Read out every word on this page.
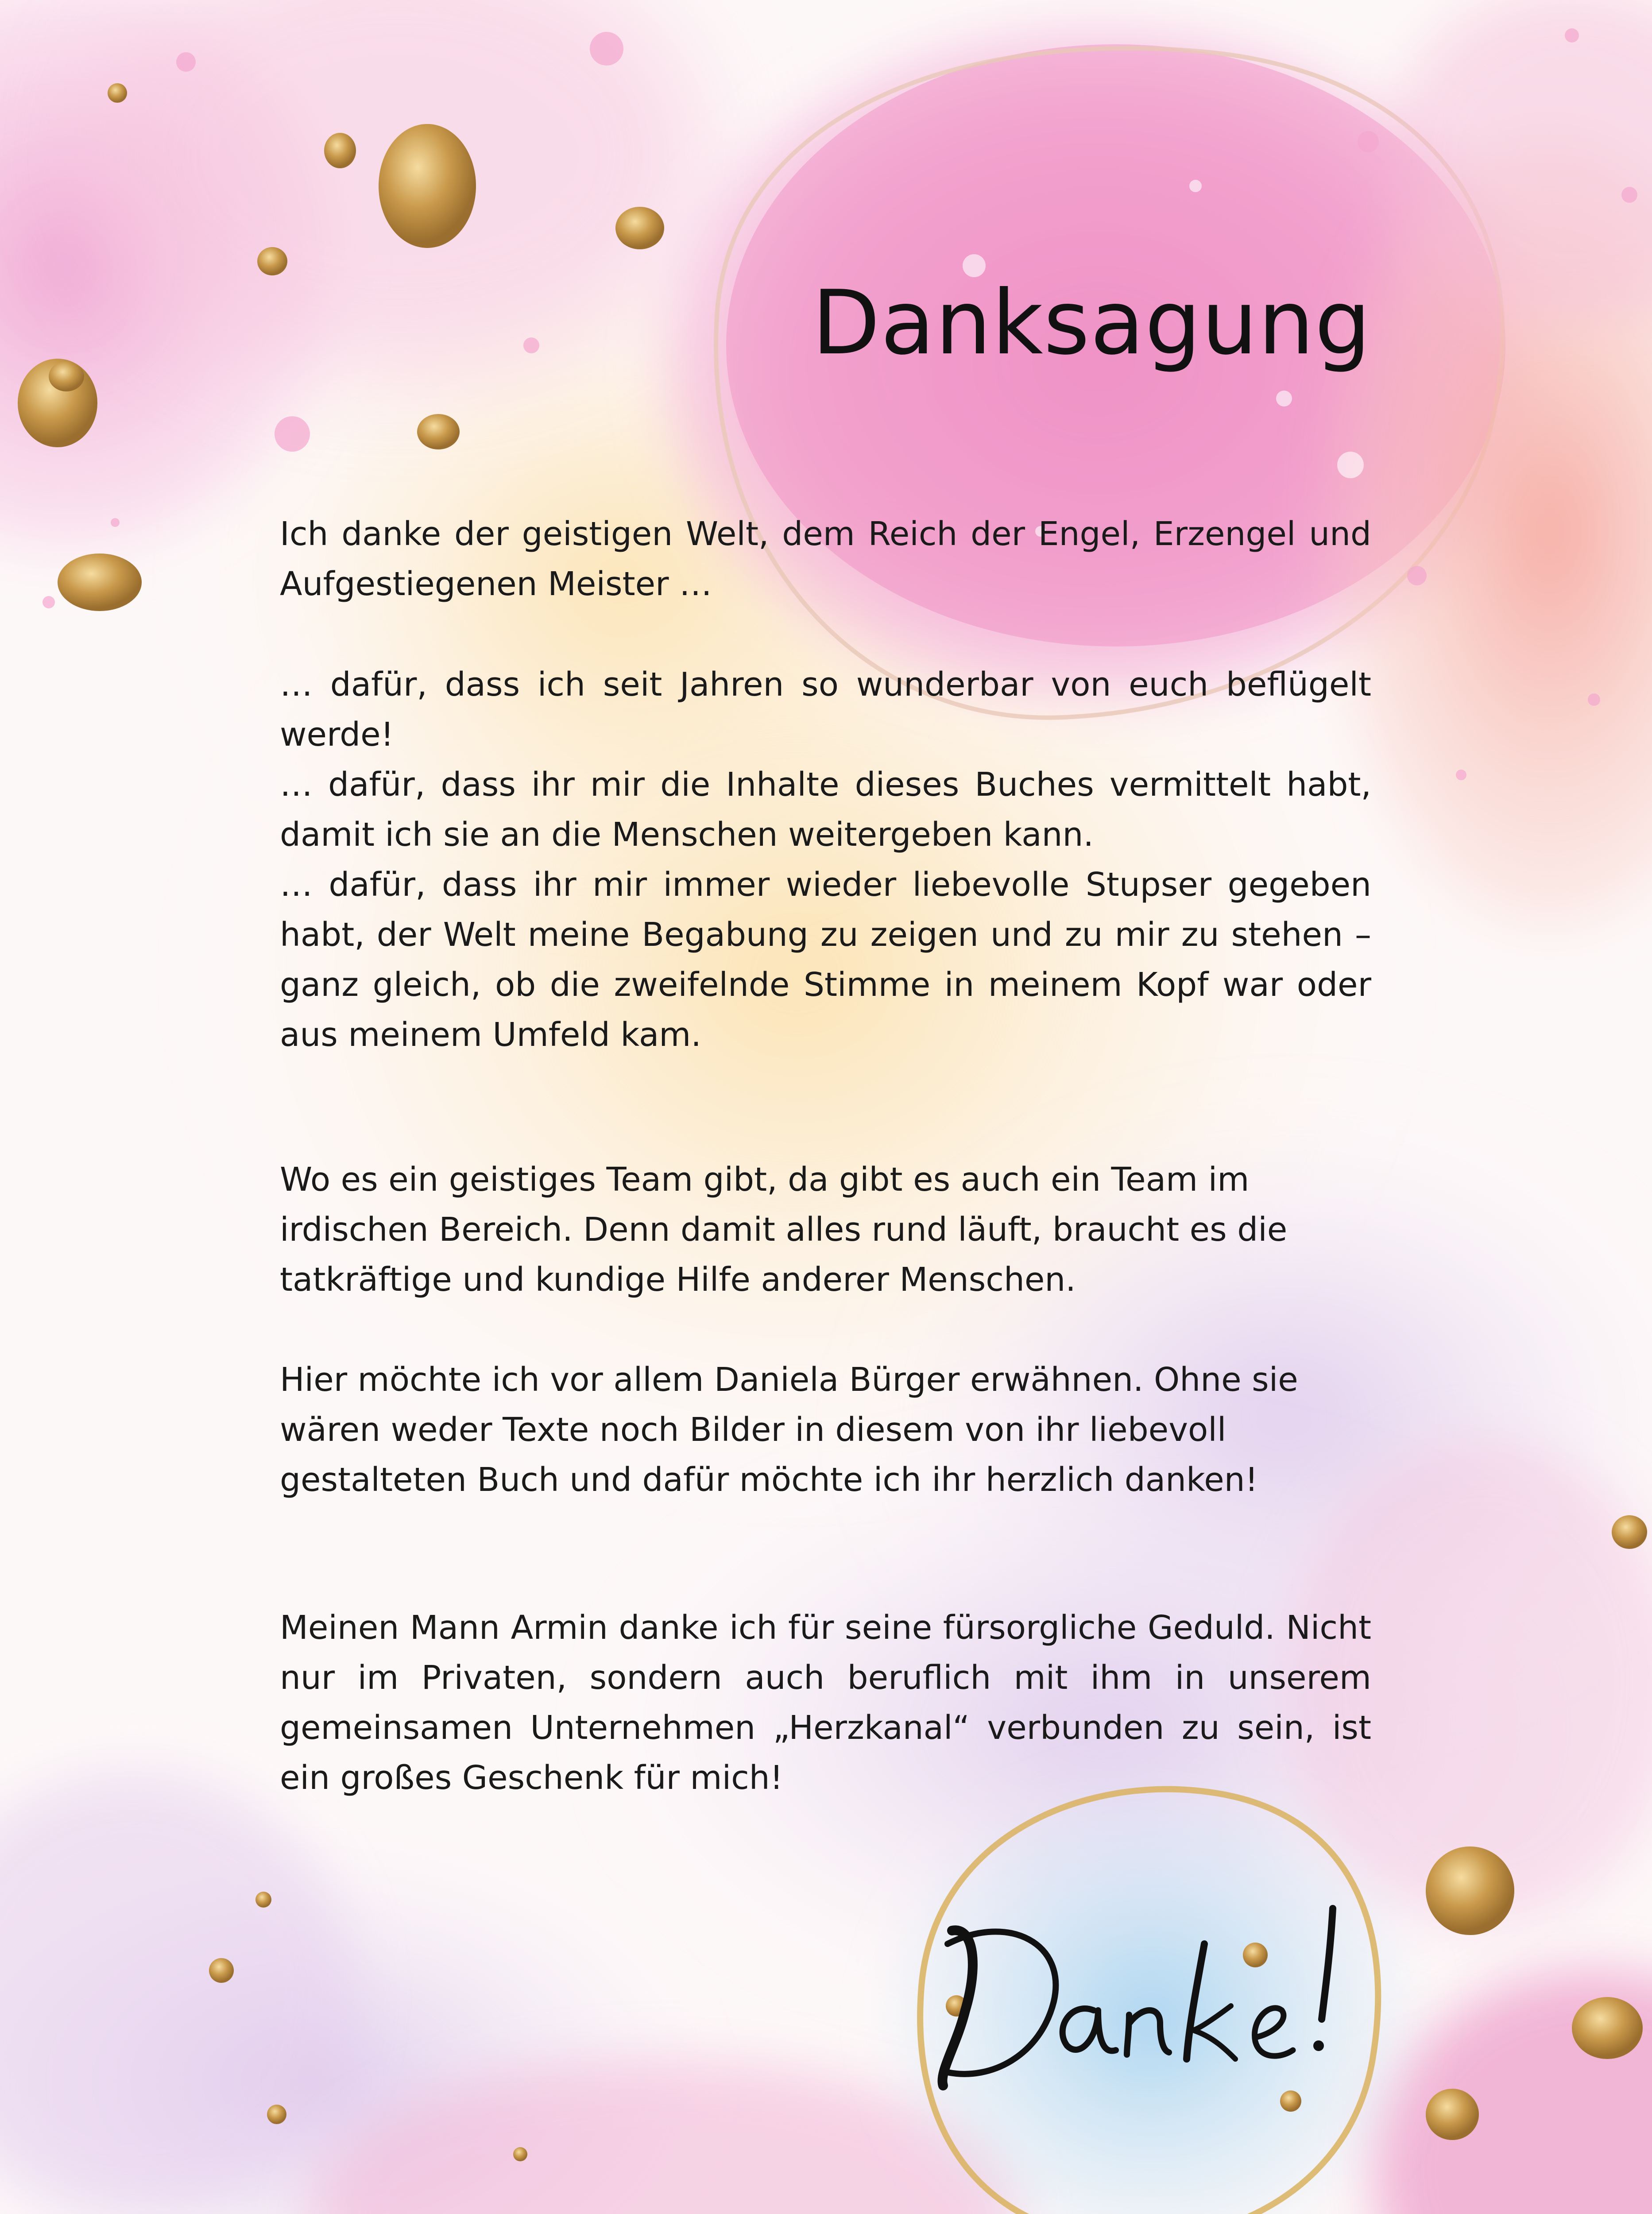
Danksagung

Ich danke der geistigen Welt, dem Reich der Engel, Erzengel und Aufgestiegenen Meister …

… dafür, dass ich seit Jahren so wunderbar von euch beflügelt werde!

… dafür, dass ihr mir die Inhalte dieses Buches vermittelt habt, damit ich sie an die Menschen weitergeben kann.

… dafür, dass ihr mir immer wieder liebevolle Stupser gegeben habt, der Welt meine Begabung zu zeigen und zu mir zu stehen – ganz gleich, ob die zweifelnde Stimme in meinem Kopf war oder aus meinem Umfeld kam.

Wo es ein geistiges Team gibt, da gibt es auch ein Team im irdischen Bereich. Denn damit alles rund läuft, braucht es die tatkräftige und kundige Hilfe anderer Menschen.

Hier möchte ich vor allem Daniela Bürger erwähnen. Ohne sie wären weder Texte noch Bilder in diesem von ihr liebevoll gestalteten Buch und dafür möchte ich ihr herzlich danken!

Meinen Mann Armin danke ich für seine fürsorgliche Geduld. Nicht nur im Privaten, sondern auch beruflich mit ihm in unserem gemeinsamen Unternehmen „Herzkanal“ verbunden zu sein, ist ein großes Geschenk für mich!
